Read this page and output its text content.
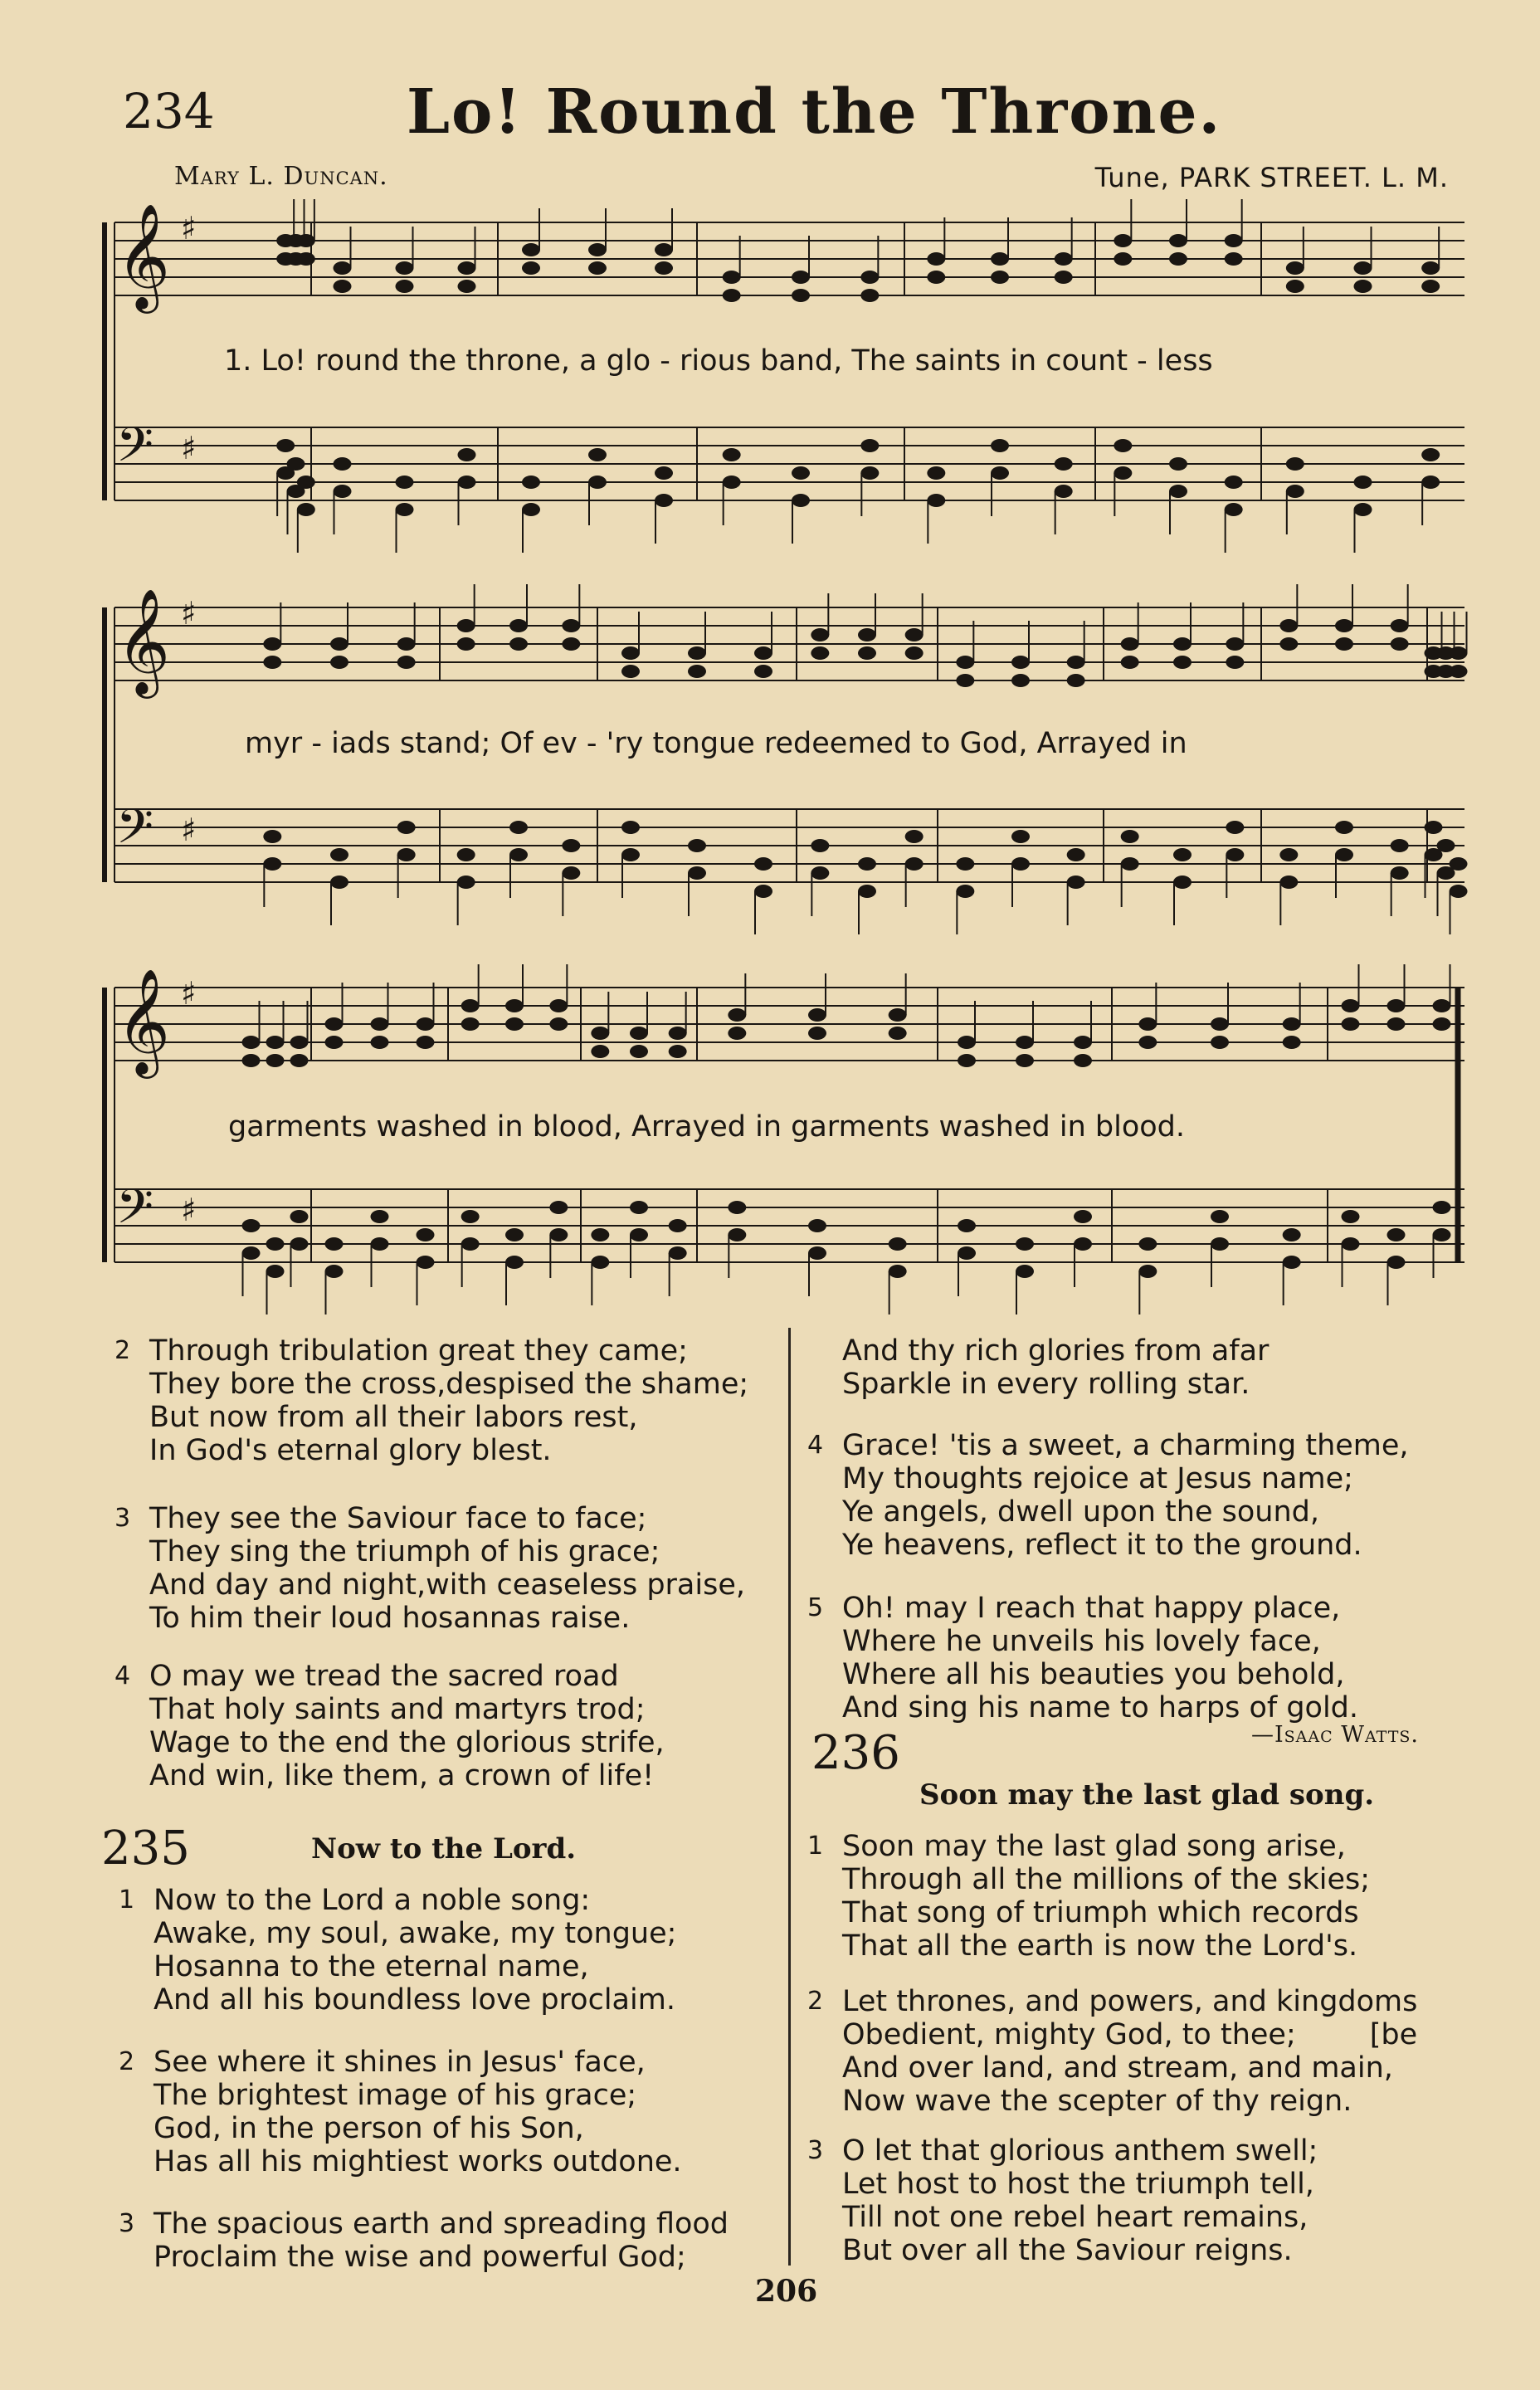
234	Lo! Round the Throne.
Mary L. Duncan.	Tune, PARK STREET. L. M.
𝄞 ♯
𝄢 ♯
𝄞 ♯
𝄢 ♯
𝄞 ♯
𝄢 ♯
1. Lo! round the throne, a glo - rious band, The saints in count - less
myr - iads stand; Of ev - 'ry tongue redeemed to God, Arrayed in
garments washed in blood, Arrayed in garments washed in blood.
2 Through tribulation great they came;
They bore the cross,despised the shame;
But now from all their labors rest,
In God's eternal glory blest.
3 They see the Saviour face to face;
They sing the triumph of his grace;
And day and night,with ceaseless praise,
To him their loud hosannas raise.
4 O may we tread the sacred road
That holy saints and martyrs trod;
Wage to the end the glorious strife,
And win, like them, a crown of life!
235	Now to the Lord.
1 Now to the Lord a noble song:
Awake, my soul, awake, my tongue;
Hosanna to the eternal name,
And all his boundless love proclaim.
2 See where it shines in Jesus' face,
The brightest image of his grace;
God, in the person of his Son,
Has all his mightiest works outdone.
3 The spacious earth and spreading flood
Proclaim the wise and powerful God;
And thy rich glories from afar
Sparkle in every rolling star.
4 Grace! 'tis a sweet, a charming theme,
My thoughts rejoice at Jesus name;
Ye angels, dwell upon the sound,
Ye heavens, reflect it to the ground.
5 Oh! may I reach that happy place,
Where he unveils his lovely face,
Where all his beauties you behold,
And sing his name to harps of gold.
236	—Isaac Watts.
Soon may the last glad song.
1 Soon may the last glad song arise,
Through all the millions of the skies;
That song of triumph which records
That all the earth is now the Lord's.
2 Let thrones, and powers, and kingdoms
Obedient, mighty God, to thee;        [be
And over land, and stream, and main,
Now wave the scepter of thy reign.
3 O let that glorious anthem swell;
Let host to host the triumph tell,
Till not one rebel heart remains,
But over all the Saviour reigns.
206
